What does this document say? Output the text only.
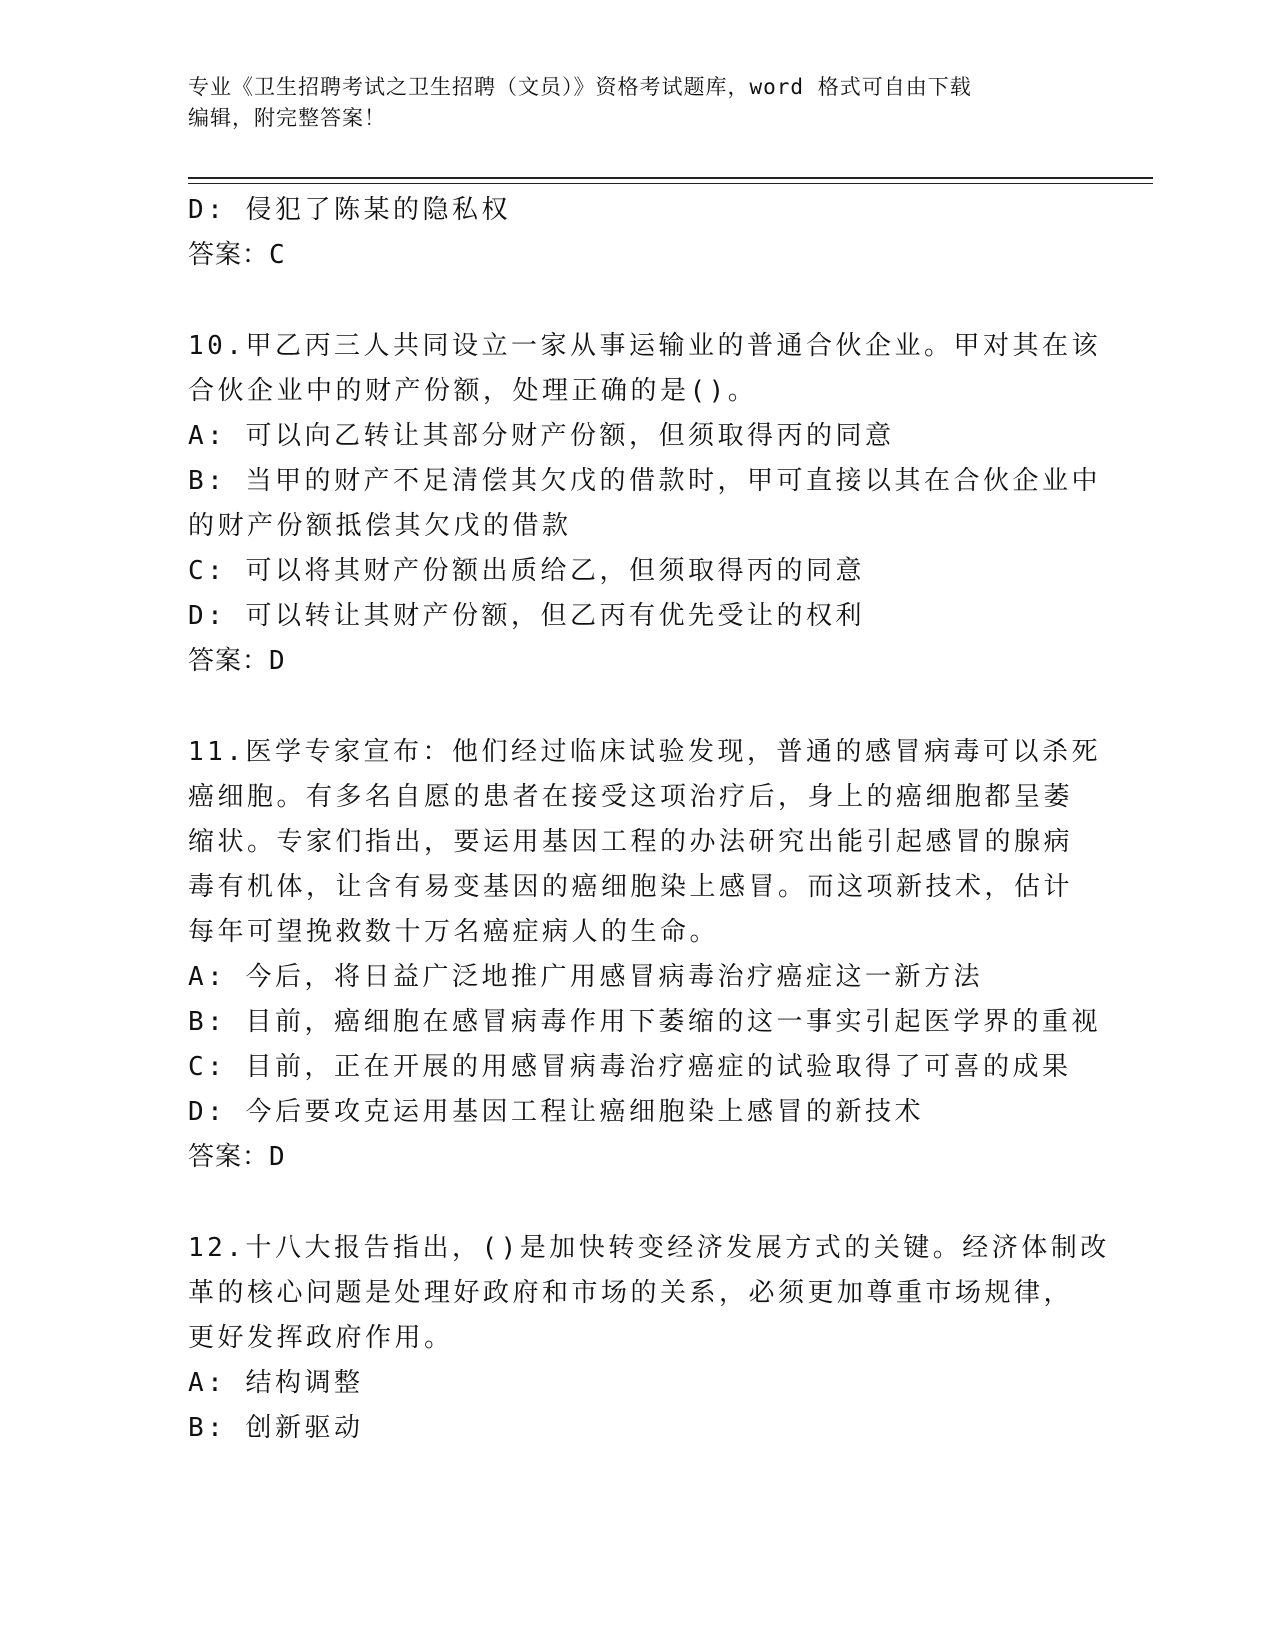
专业《卫生招聘考试之卫生招聘（文员）》资格考试题库，word 格式可自由下载
编辑，附完整答案！
D: 侵犯了陈某的隐私权
答案：C
10.甲乙丙三人共同设立一家从事运输业的普通合伙企业。甲对其在该
合伙企业中的财产份额，处理正确的是()。
A: 可以向乙转让其部分财产份额，但须取得丙的同意
B: 当甲的财产不足清偿其欠戊的借款时，甲可直接以其在合伙企业中
的财产份额抵偿其欠戊的借款
C: 可以将其财产份额出质给乙，但须取得丙的同意
D: 可以转让其财产份额，但乙丙有优先受让的权利
答案：D
11.医学专家宣布：他们经过临床试验发现，普通的感冒病毒可以杀死
癌细胞。有多名自愿的患者在接受这项治疗后，身上的癌细胞都呈萎
缩状。专家们指出，要运用基因工程的办法研究出能引起感冒的腺病
毒有机体，让含有易变基因的癌细胞染上感冒。而这项新技术，估计
每年可望挽救数十万名癌症病人的生命。
A: 今后，将日益广泛地推广用感冒病毒治疗癌症这一新方法
B: 目前，癌细胞在感冒病毒作用下萎缩的这一事实引起医学界的重视
C: 目前，正在开展的用感冒病毒治疗癌症的试验取得了可喜的成果
D: 今后要攻克运用基因工程让癌细胞染上感冒的新技术
答案：D
12.十八大报告指出，()是加快转变经济发展方式的关键。经济体制改
革的核心问题是处理好政府和市场的关系，必须更加尊重市场规律，
更好发挥政府作用。
A: 结构调整
B: 创新驱动
